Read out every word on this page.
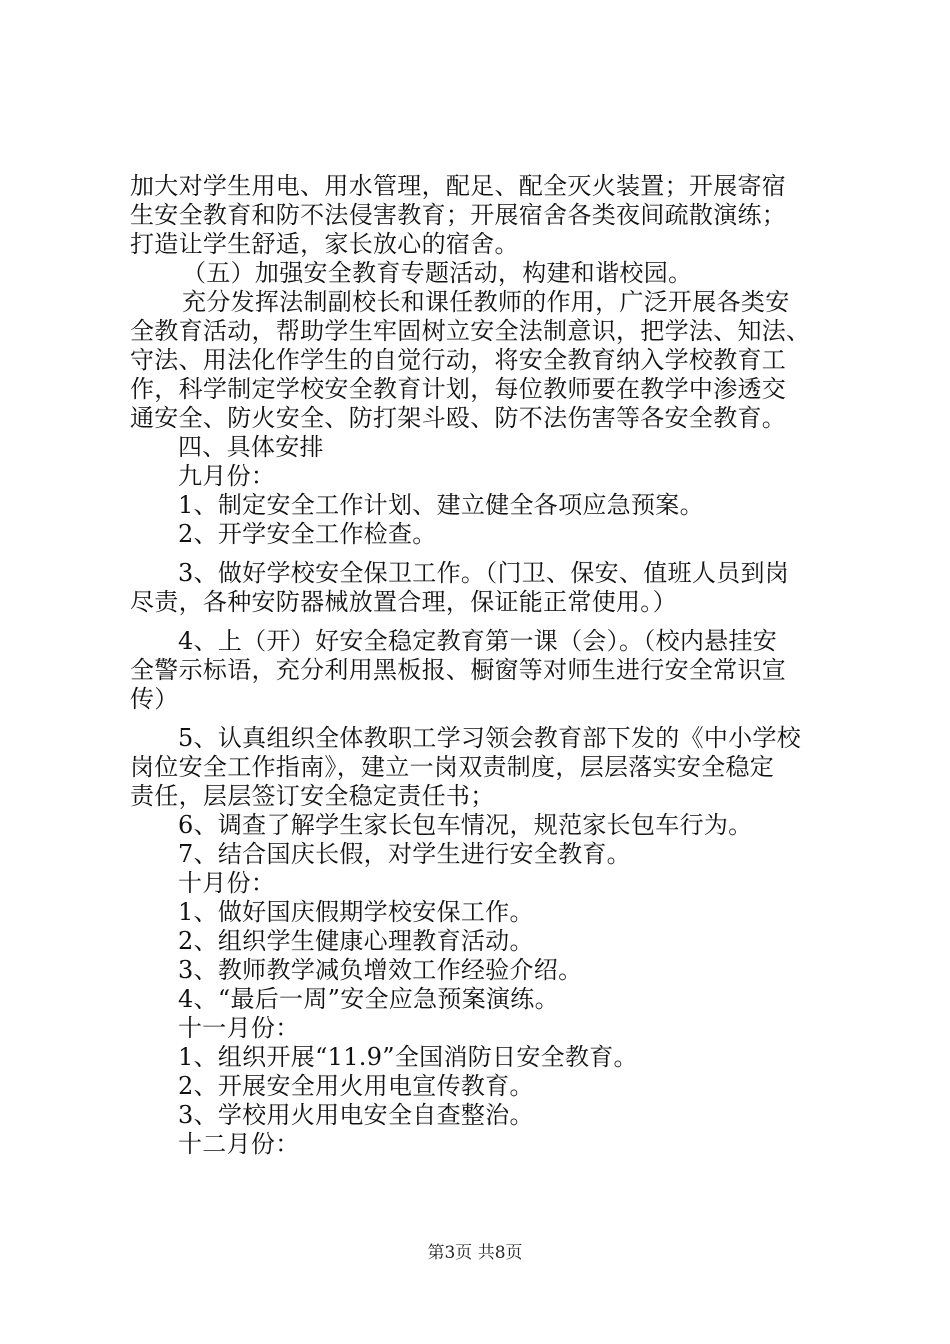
加大对学生用电、用水管理，配足、配全灭火装置；开展寄宿
生安全教育和防不法侵害教育；开展宿舍各类夜间疏散演练；
打造让学生舒适，家长放心的宿舍。
（五）加强安全教育专题活动，构建和谐校园。
充分发挥法制副校长和课任教师的作用，广泛开展各类安
全教育活动，帮助学生牢固树立安全法制意识，把学法、知法、
守法、用法化作学生的自觉行动，将安全教育纳入学校教育工
作，科学制定学校安全教育计划，每位教师要在教学中渗透交
通安全、防火安全、防打架斗殴、防不法伤害等各安全教育。
四、具体安排
九月份：
1、制定安全工作计划、建立健全各项应急预案。
2、开学安全工作检查。
3、做好学校安全保卫工作。（门卫、保安、值班人员到岗
尽责，各种安防器械放置合理，保证能正常使用。）
4、上（开）好安全稳定教育第一课（会）。（校内悬挂安
全警示标语，充分利用黑板报、橱窗等对师生进行安全常识宣
传）
5、认真组织全体教职工学习领会教育部下发的《中小学校
岗位安全工作指南》，建立一岗双责制度，层层落实安全稳定
责任，层层签订安全稳定责任书；
6、调查了解学生家长包车情况，规范家长包车行为。
7、结合国庆长假，对学生进行安全教育。
十月份：
1、做好国庆假期学校安保工作。
2、组织学生健康心理教育活动。
3、教师教学减负增效工作经验介绍。
4、“最后一周”安全应急预案演练。
十一月份：
1、组织开展“11.9”全国消防日安全教育。
2、开展安全用火用电宣传教育。
3、学校用火用电安全自查整治。
十二月份：
第3页 共8页
